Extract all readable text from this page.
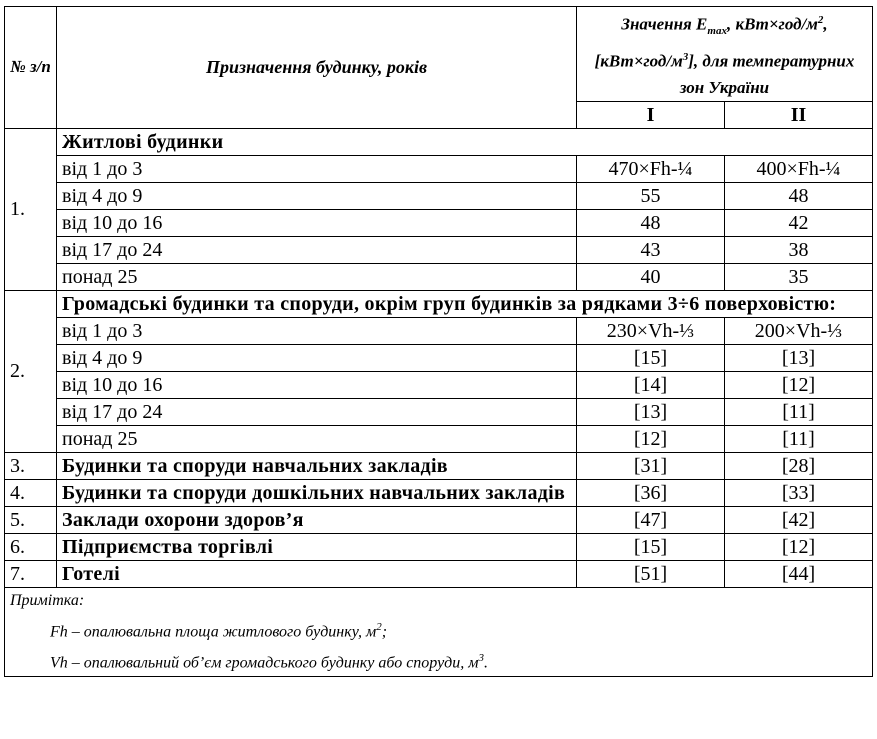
№ з/п	Призначення будинку, років	Значення $E_{max}$, $кВт\times год/м^2$, $[кВт\times год/м^3]$, для температурних зон України	
		I	II
1.	Житлові будинки		
	від 1 до 3	470×Fh-¼	400×Fh-¼
	від 4 до 9	55	48
	від 10 до 16	48	42
	від 17 до 24	43	38
	понад 25	40	35
2.	Громадські будинки та споруди, окрім груп будинків за рядками 3÷6 поверховістю:		
	від 1 до 3	230×Vh-⅓	200×Vh-⅓
	від 4 до 9	[15]	[13]
	від 10 до 16	[14]	[12]
	від 17 до 24	[13]	[11]
	понад 25	[12]	[11]
3.	Будинки та споруди навчальних закладів	[31]	[28]
4.	Будинки та споруди дошкільних навчальних закладів	[36]	[33]
5.	Заклади охорони здоров’я	[47]	[42]
6.	Підприємства торгівлі	[15]	[12]
7.	Готелі	[51]	[44]

Примітка:
Fh – опалювальна площа житлового будинку, $м^2$;
Vh – опалювальний об’єм громадського будинку або споруди, $м^3$.			
